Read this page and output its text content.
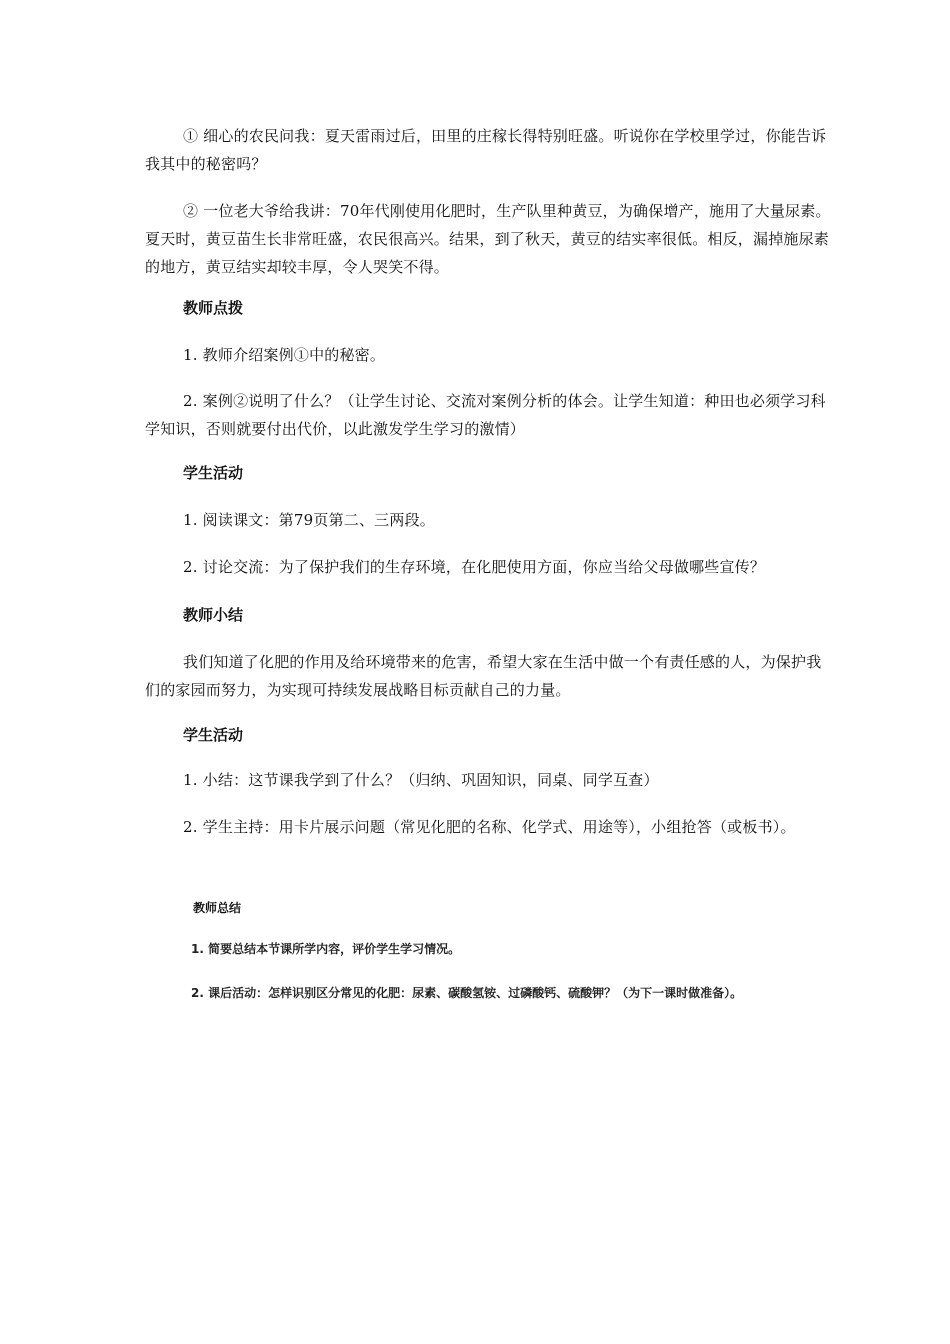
① 细心的农民问我：夏天雷雨过后，田里的庄稼长得特别旺盛。听说你在学校里学过，你能告诉我其中的秘密吗？

② 一位老大爷给我讲：70年代刚使用化肥时，生产队里种黄豆，为确保增产，施用了大量尿素。夏天时，黄豆苗生长非常旺盛，农民很高兴。结果，到了秋天，黄豆的结实率很低。相反，漏掉施尿素的地方，黄豆结实却较丰厚，令人哭笑不得。

教师点拨

1. 教师介绍案例①中的秘密。

2. 案例②说明了什么？（让学生讨论、交流对案例分析的体会。让学生知道：种田也必须学习科学知识，否则就要付出代价，以此激发学生学习的激情）

学生活动

1. 阅读课文：第79页第二、三两段。

2. 讨论交流：为了保护我们的生存环境，在化肥使用方面，你应当给父母做哪些宣传？

教师小结

我们知道了化肥的作用及给环境带来的危害，希望大家在生活中做一个有责任感的人，为保护我们的家园而努力，为实现可持续发展战略目标贡献自己的力量。

学生活动

1. 小结：这节课我学到了什么？（归纳、巩固知识，同桌、同学互查）

2. 学生主持：用卡片展示问题（常见化肥的名称、化学式、用途等），小组抢答（或板书）。

教师总结

1. 简要总结本节课所学内容，评价学生学习情况。

2. 课后活动：怎样识别区分常见的化肥：尿素、碳酸氢铵、过磷酸钙、硫酸钾？（为下一课时做准备）。
